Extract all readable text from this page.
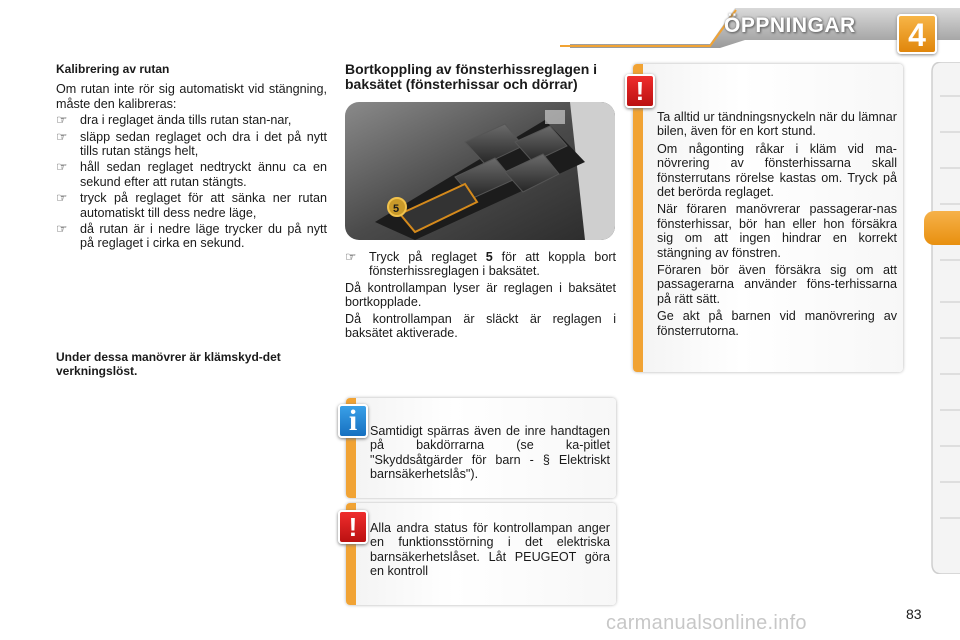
ÖPPNINGAR	4
Kalibrering av rutan
Om rutan inte rör sig automatiskt vid stängning, måste den kalibreras:
☞ dra i reglaget ända tills rutan stan-nar,
☞ släpp sedan reglaget och dra i det på nytt tills rutan stängs helt,
☞ håll sedan reglaget nedtryckt ännu ca en sekund efter att rutan stängts.
☞ tryck på reglaget för att sänka ner rutan automatiskt till dess nedre läge,
☞ då rutan är i nedre läge trycker du på nytt på reglaget i cirka en sekund.
Under dessa manövrer är klämskyd-det verkningslöst.
Bortkoppling av fönsterhissreglagen i baksätet (fönsterhissar och dörrar)
5
☞ Tryck på reglaget 5 för att koppla bort fönsterhissreglagen i baksätet.
Då kontrollampan lyser är reglagen i baksätet bortkopplade.
Då kontrollampan är släckt är reglagen i baksätet aktiverade.

Ta alltid ur tändningsnyckeln när du lämnar bilen, även för en kort stund.

Om någonting råkar i kläm vid ma-növrering av fönsterhissarna skall fönsterrutans rörelse kastas om. Tryck på det berörda reglaget.

När föraren manövrerar passagerar-nas fönsterhissar, bör han eller hon försäkra sig om att ingen hindrar en korrekt stängning av fönstren.

Föraren bör även försäkra sig om att passagerarna använder föns-terhissarna på rätt sätt.

Ge akt på barnen vid manövrering av fönsterrutorna.

!
Samtidigt spärras även de inre handtagen på bakdörrarna (se ka-pitlet "Skyddsåtgärder för barn - § Elektriskt barnsäkerhetslås").
i
Alla andra status för kontrollampan anger en funktionsstörning i det elektriska barnsäkerhetslåset. Låt PEUGEOT göra en kontroll
!
83
carmanualsonline.info
